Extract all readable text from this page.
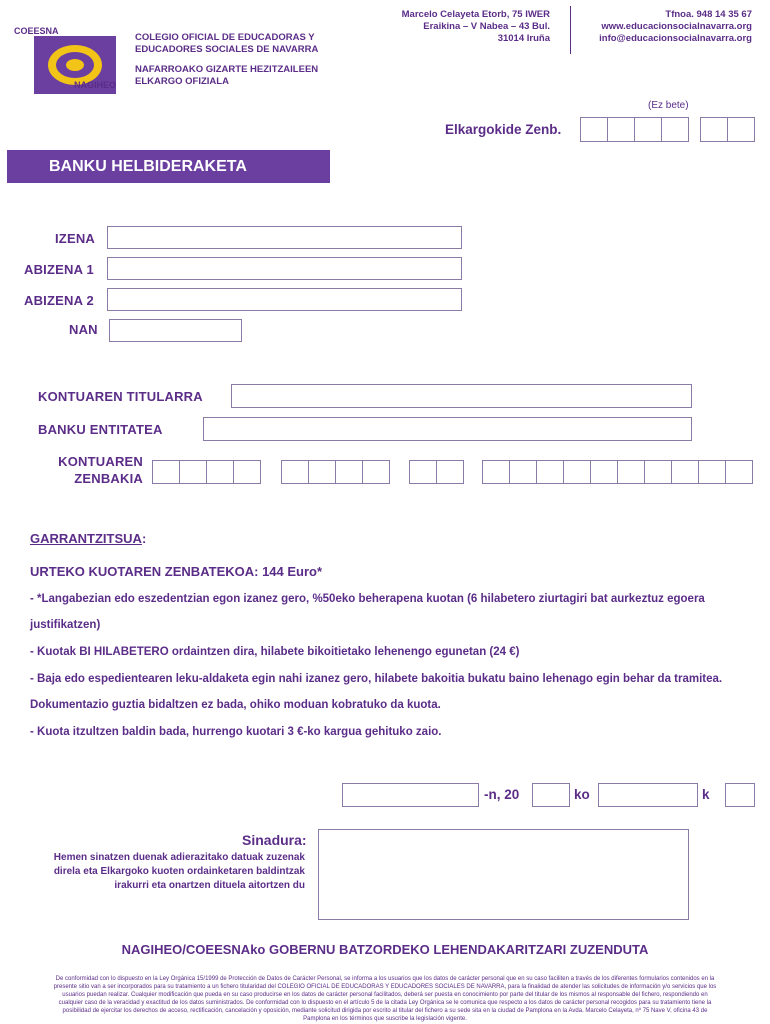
COEESNA
NAGIHEO
COLEGIO OFICIAL DE EDUCADORAS Y
EDUCADORES SOCIALES DE NAVARRA
NAFARROAKO GIZARTE HEZITZAILEEN
ELKARGO OFIZIALA
Marcelo Celayeta Etorb, 75 IWER
Eraikina – V Nabea – 43 Bul.
31014 Iruña
Tfnoa. 948 14 35 67
www.educacionsocialnavarra.org
info@educacionsocialnavarra.org
(Ez bete)
Elkargokide Zenb.
BANKU HELBIDERAKETA
IZENA
ABIZENA 1
ABIZENA 2
NAN
KONTUAREN TITULARRA
BANKU ENTITATEA
KONTUAREN
ZENBAKIA
GARRANTZITSUA:
URTEKO KUOTAREN ZENBATEKOA: 144 Euro*
- *Langabezian edo eszedentzian egon izanez gero, %50eko beherapena kuotan (6 hilabetero ziurtagiri bat aurkeztuz egoera
justifikatzen)
- Kuotak BI HILABETERO ordaintzen dira, hilabete bikoitietako lehenengo egunetan (24 €)
- Baja edo espedientearen leku-aldaketa egin nahi izanez gero, hilabete bakoitia bukatu baino lehenago egin behar da tramitea.
Dokumentazio guztia bidaltzen ez bada, ohiko moduan kobratuko da kuota.
- Kuota itzultzen baldin bada, hurrengo kuotari 3 €-ko kargua gehituko zaio.
-n, 20	ko	k
Sinadura:
Hemen sinatzen duenak adierazitako datuak zuzenak
direla eta Elkargoko kuoten ordainketaren baldintzak
irakurri eta onartzen dituela aitortzen du
NAGIHEO/COEESNAko GOBERNU BATZORDEKO LEHENDAKARITZARI ZUZENDUTA
De conformidad con lo dispuesto en la Ley Orgánica 15/1999 de Protección de Datos de Carácter Personal, se informa a los usuarios que los datos de carácter personal que en su caso faciliten a través de los diferentes formularios contenidos en la
presente sitio van a ser incorporados para su tratamiento a un fichero titularidad del COLEGIO OFICIAL DE EDUCADORAS Y EDUCADORES SOCIALES DE NAVARRA, para la finalidad de atender las solicitudes de información y/o servicios que los
usuarios puedan realizar. Cualquier modificación que pueda en su caso producirse en los datos de carácter personal facilitados, deberá ser puesta en conocimiento por parte del titular de los mismos al responsable del fichero, respondiendo en
cualquier caso de la veracidad y exactitud de los datos suministrados. De conformidad con lo dispuesto en el artículo 5 de la citada Ley Orgánica se le comunica que respecto a los datos de carácter personal recogidos para su tratamiento tiene la
posibilidad de ejercitar los derechos de acceso, rectificación, cancelación y oposición, mediante solicitud dirigida por escrito al titular del fichero a su sede sita en la ciudad de Pamplona en la Avda. Marcelo Celayeta, nº 75 Nave V, oficina 43 de
Pamplona en los términos que suscribe la legislación vigente.
